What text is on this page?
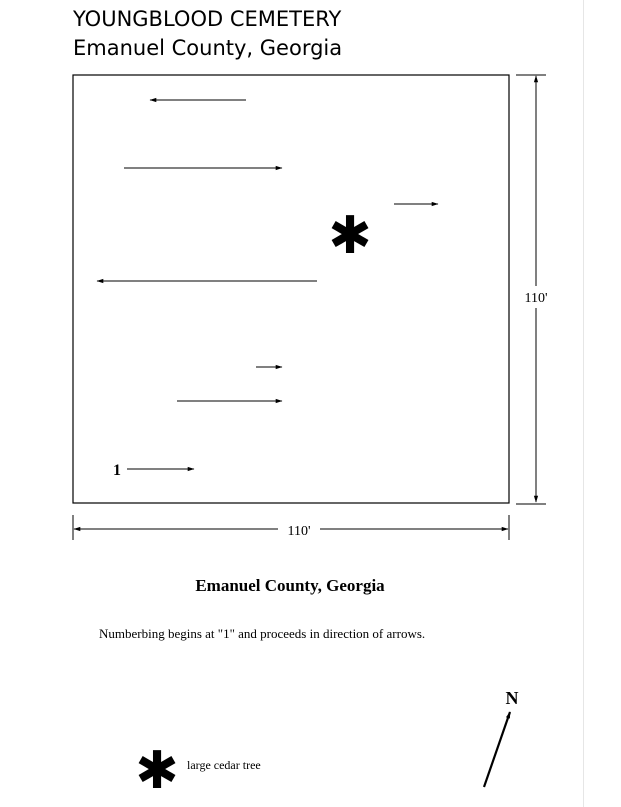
YOUNGBLOOD CEMETERY
Emanuel County, Georgia
1
✱
110'
110'
N
✱
Emanuel County, Georgia
Numberbing begins at "1" and proceeds in direction of arrows.
large cedar tree
